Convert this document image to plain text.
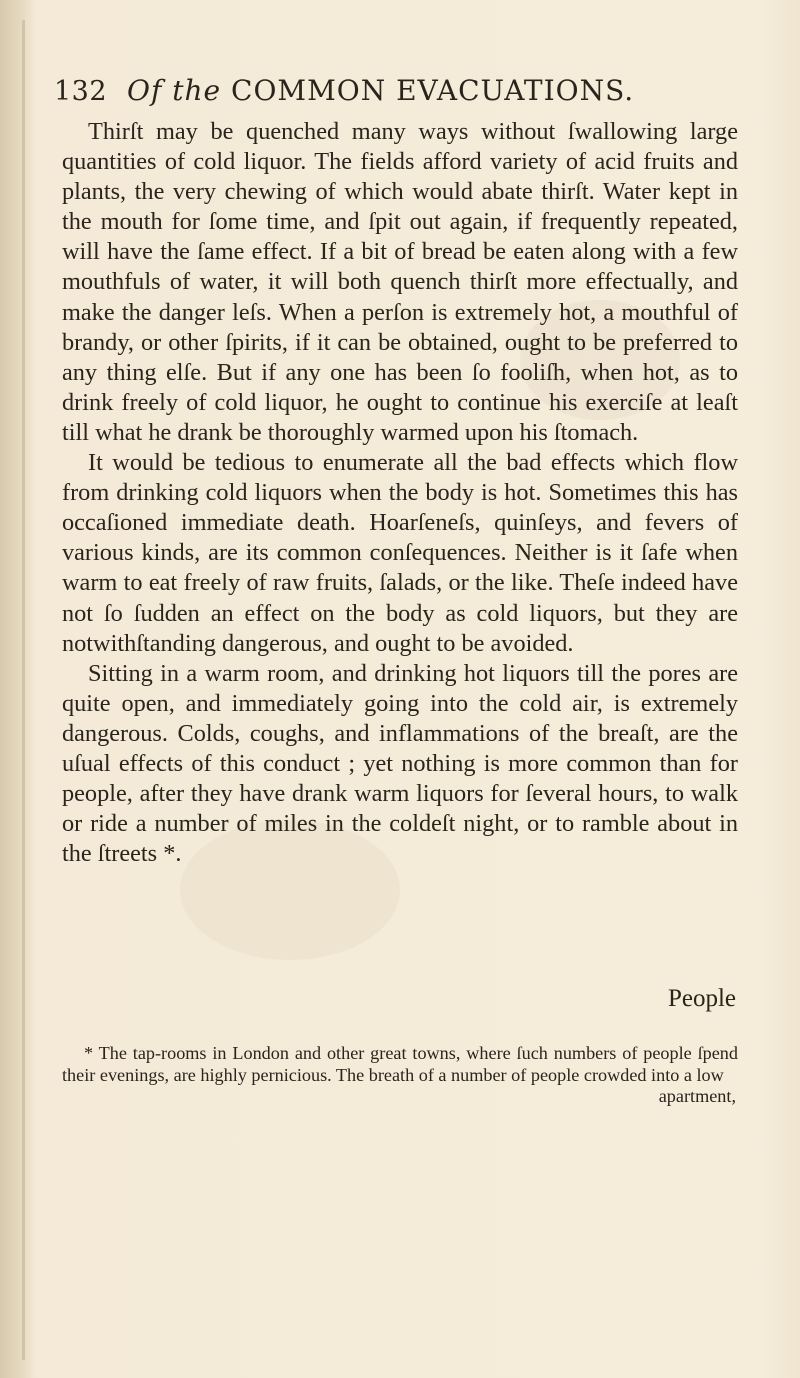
132 Of the COMMON EVACUATIONS.

Thirſt may be quenched many ways without ſwallowing large quantities of cold liquor. The fields afford variety of acid fruits and plants, the very chewing of which would abate thirſt. Water kept in the mouth for ſome time, and ſpit out again, if frequently repeated, will have the ſame effect. If a bit of bread be eaten along with a few mouthfuls of water, it will both quench thirſt more effectually, and make the danger leſs. When a perſon is extremely hot, a mouthful of brandy, or other ſpirits, if it can be obtained, ought to be preferred to any thing elſe. But if any one has been ſo fooliſh, when hot, as to drink freely of cold liquor, he ought to continue his exerciſe at leaſt till what he drank be thoroughly warmed upon his ſtomach.

It would be tedious to enumerate all the bad effects which flow from drinking cold liquors when the body is hot. Sometimes this has occaſioned immediate death. Hoarſeneſs, quinſeys, and fevers of various kinds, are its common conſequences. Neither is it ſafe when warm to eat freely of raw fruits, ſalads, or the like. Theſe indeed have not ſo ſudden an effect on the body as cold liquors, but they are notwithſtanding dangerous, and ought to be avoided.

Sitting in a warm room, and drinking hot liquors till the pores are quite open, and immediately going into the cold air, is extremely dangerous. Colds, coughs, and inflammations of the breaſt, are the uſual effects of this conduct ; yet nothing is more common than for people, after they have drank warm liquors for ſeveral hours, to walk or ride a number of miles in the coldeſt night, or to ramble about in the ſtreets *.

People

* The tap-rooms in London and other great towns, where ſuch numbers of people ſpend their evenings, are highly pernicious. The breath of a number of people crowded into a low

apartment,
